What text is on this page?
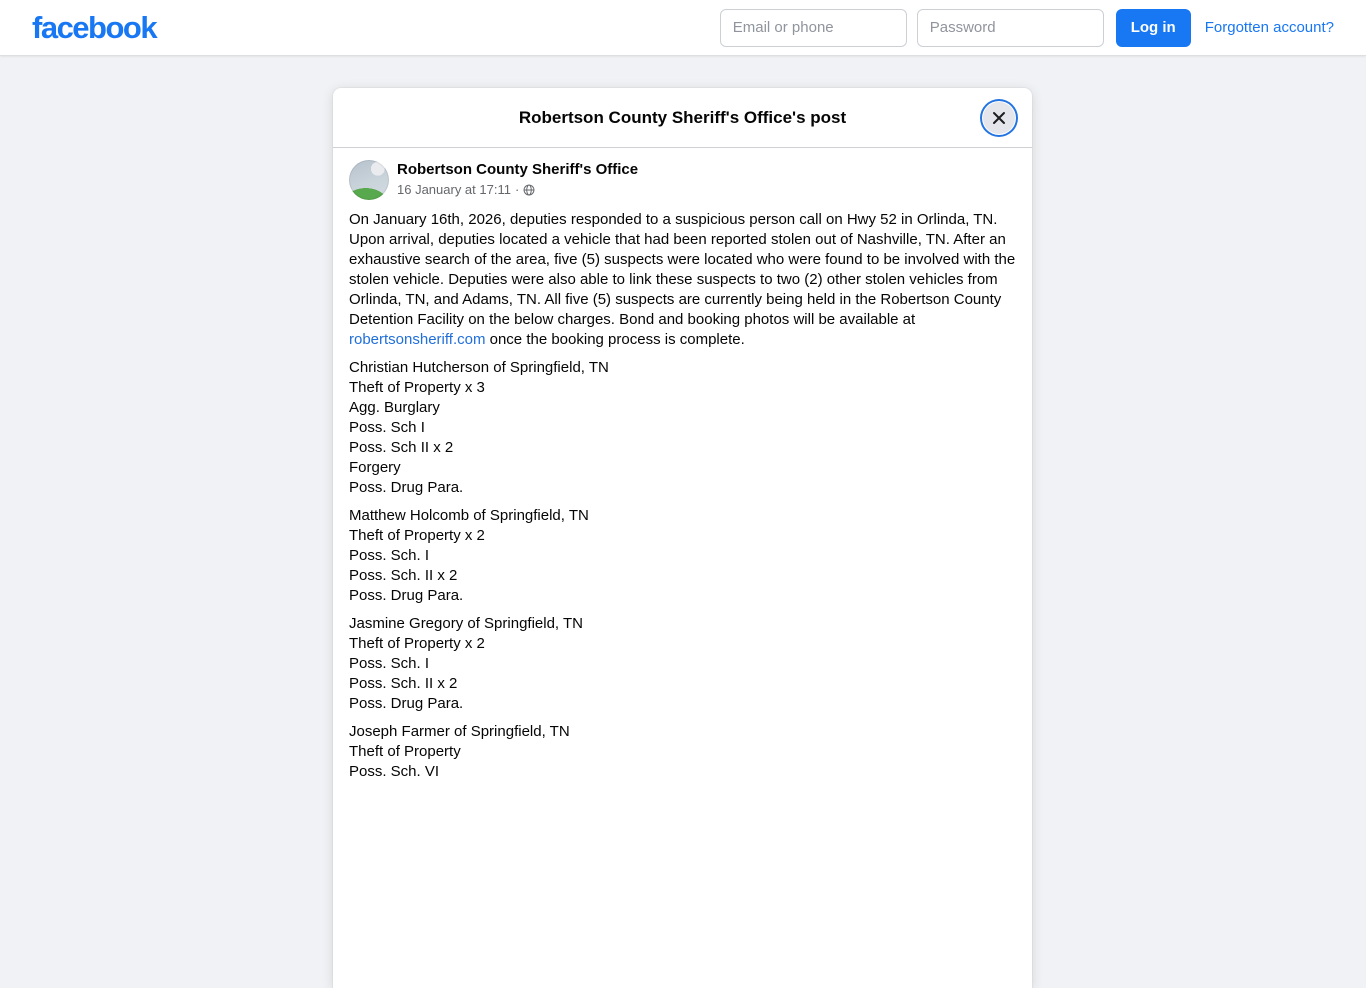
facebook
Email or phone	Log in	Forgotten account?
Robertson County Sheriff's Office's post
Robertson County Sheriff's Office
16 January at 17:11 ·

On January 16th, 2026, deputies responded to a suspicious person call on Hwy 52 in Orlinda, TN. Upon arrival, deputies located a vehicle that had been reported stolen out of Nashville, TN. After an exhaustive search of the area, five (5) suspects were located who were found to be involved with the stolen vehicle. Deputies were also able to link these suspects to two (2) other stolen vehicles from Orlinda, TN, and Adams, TN. All five (5) suspects are currently being held in the Robertson County Detention Facility on the below charges. Bond and booking photos will be available at robertsonsheriff.com once the booking process is complete.

Christian Hutcherson of Springfield, TN
Theft of Property x 3
Agg. Burglary
Poss. Sch I
Poss. Sch II x 2
Forgery
Poss. Drug Para.

Matthew Holcomb of Springfield, TN
Theft of Property x 2
Poss. Sch. I
Poss. Sch. II x 2
Poss. Drug Para.

Jasmine Gregory of Springfield, TN
Theft of Property x 2
Poss. Sch. I
Poss. Sch. II x 2
Poss. Drug Para.

Joseph Farmer of Springfield, TN
Theft of Property
Poss. Sch. VI
